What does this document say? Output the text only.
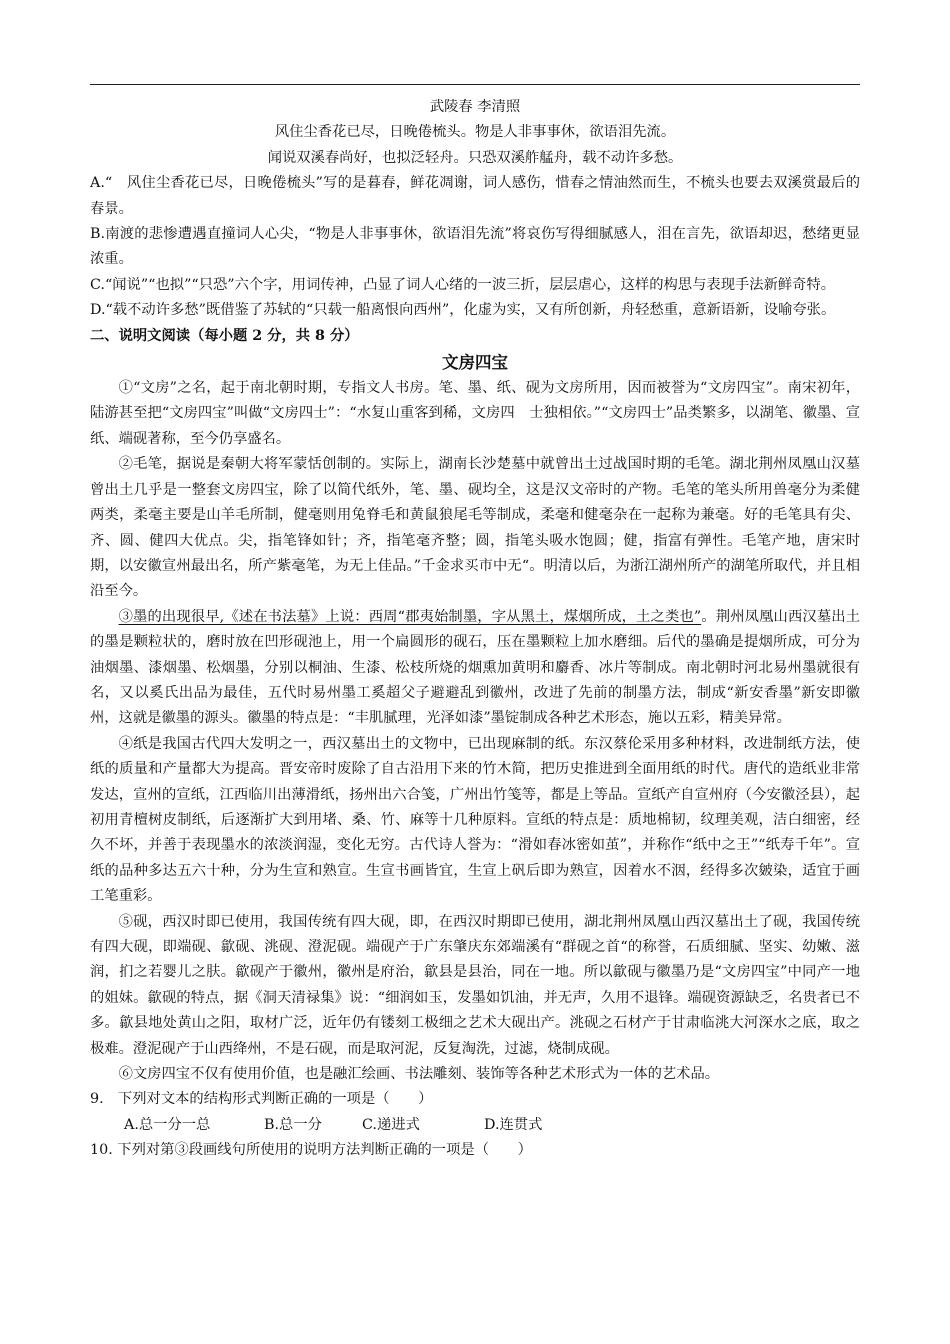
武陵春 李清照
风住尘香花已尽，日晚倦梳头。物是人非事事休，欲语泪先流。
闻说双溪春尚好，也拟泛轻舟。只恐双溪舴艋舟，载不动许多愁。
A.“　风住尘香花已尽，日晚倦梳头”写的是暮春，鲜花凋谢，词人感伤，惜春之情油然而生，不梳头也要去双溪赏最后的春景。
B.南渡的悲惨遭遇直撞词人心尖，“物是人非事事休，欲语泪先流”将哀伤写得细腻感人，泪在言先，欲语却迟，愁绪更显浓重。
C.“闻说”“也拟”“只恐”六个字，用词传神，凸显了词人心绪的一波三折，层层虐心，这样的构思与表现手法新鲜奇特。
D.“载不动许多愁”既借鉴了苏轼的“只载一船离恨向西州”，化虚为实，又有所创新，舟轻愁重，意新语新，设喻夸张。
二、说明文阅读（每小题 2 分，共 8 分）
文房四宝
①“文房”之名，起于南北朝时期，专指文人书房。笔、墨、纸、砚为文房所用，因而被誉为“文房四宝”。南宋初年，陆游甚至把“文房四宝”叫做“文房四士”：“水复山重客到稀，文房四　士独相依。”“文房四士”品类繁多，以湖笔、徽墨、宣纸、端砚著称，至今仍享盛名。
②毛笔，据说是秦朝大将军蒙恬创制的。实际上，湖南长沙楚墓中就曾出土过战国时期的毛笔。湖北荆州凤凰山汉墓曾出土几乎是一整套文房四宝，除了以简代纸外，笔、墨、砚均全，这是汉文帝时的产物。毛笔的笔头所用兽毫分为柔健两类，柔毫主要是山羊毛所制，健毫则用兔脊毛和黄鼠狼尾毛等制成，柔毫和健毫杂在一起称为兼毫。好的毛笔具有尖、齐、圆、健四大优点。尖，指笔锋如针；齐，指笔毫齐整；圆，指笔头吸水饱圆；健，指富有弹性。毛笔产地，唐宋时期，以安徽宣州最出名，所产紫毫笔，为无上佳品。”千金求买市中无“。明清以后，为浙江湖州所产的湖笔所取代，并且相沿至今。
③墨的出现很早,《述在书法墓》上说：西周“郡夷始制墨，字从黑土，煤烟所成，土之类也”。荆州凤凰山西汉墓出土的墨是颗粒状的，磨时放在凹形砚池上，用一个扁圆形的砚石，压在墨颗粒上加水磨细。后代的墨确是提烟所成，可分为油烟墨、漆烟墨、松烟墨，分别以桐油、生漆、松枝所烧的烟熏加黄明和麝香、冰片等制成。南北朝时河北易州墨就很有名，又以奚氏出品为最佳，五代时易州墨工奚超父子避避乱到徽州，改进了先前的制墨方法，制成“新安香墨”新安即徽州，这就是徽墨的源头。徽墨的特点是：“丰肌腻理，光泽如漆”墨锭制成各种艺术形态，施以五彩，精美异常。
④纸是我国古代四大发明之一，西汉墓出土的文物中，已出现麻制的纸。东汉蔡伦采用多种材料，改进制纸方法，使纸的质量和产量都大为提高。晋安帝时废除了自古沿用下来的竹木简，把历史推进到全面用纸的时代。唐代的造纸业非常发达，宣州的宣纸，江西临川出薄滑纸，扬州出六合笺，广州出竹笺等，都是上等品。宣纸产自宣州府（今安徽泾县），起初用青檀树皮制纸，后逐渐扩大到用堵、桑、竹、麻等十几种原料。宣纸的特点是：质地棉韧，纹理美观，洁白细密，经久不坏，并善于表现墨水的浓淡润湿，变化无穷。古代诗人誉为：“滑如春冰密如茧”，并称作“纸中之王”“纸寿千年”。宣纸的品种多达五六十种，分为生宣和熟宣。生宣书画皆宜，生宣上矾后即为熟宣，因着水不洇，经得多次皴染，适宜于画工笔重彩。
⑤砚，西汉时即已使用，我国传统有四大砚，即，在西汉时期即已使用，湖北荆州凤凰山西汉墓出土了砚，我国传统有四大砚，即端砚、歙砚、洮砚、澄泥砚。端砚产于广东肇庆东郊端溪有“群砚之首“的称誉，石质细腻、坚实、幼嫩、滋润，扪之若婴儿之肤。歙砚产于徽州，徽州是府治，歙县是县治，同在一地。所以歙砚与徽墨乃是“文房四宝”中同产一地的姐妹。歙砚的特点，据《洞天清禄集》说：“细润如玉，发墨如饥油，并无声，久用不退锋。端砚资源缺乏，名贵者已不多。歙县地处黄山之阳，取材广泛，近年仍有镂刻工极细之艺术大砚出产。洮砚之石材产于甘肃临洮大河深水之底，取之极难。澄泥砚产于山西绛州，不是石砚，而是取河泥，反复淘洗，过滤，烧制成砚。
⑥文房四宝不仅有使用价值，也是融汇绘画、书法雕刻、装饰等各种艺术形式为一体的艺术品。
9.　下列对文本的结构形式判断正确的一项是（　　）
A.总一分一总	B.总一分	C.递进式	D.连贯式
10. 下列对第③段画线句所使用的说明方法判断正确的一项是（　　）
